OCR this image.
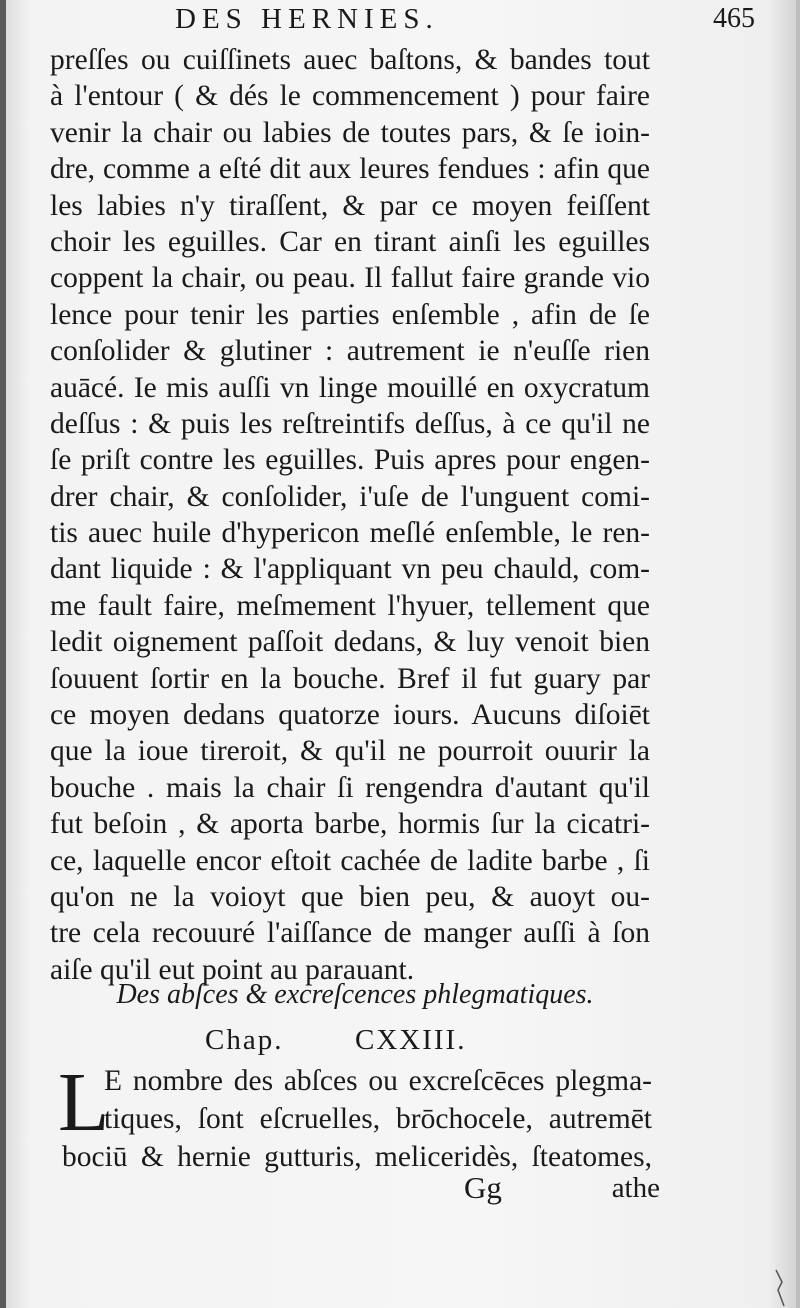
DES HERNIES.	465
preſſes ou cuiſſinets auec baſtons, & bandes tout
à l'entour ( & dés le commencement ) pour faire
venir la chair ou labies de toutes pars, & ſe ioin-
dre, comme a eſté dit aux leures fendues : afin que
les labies n'y tiraſſent, & par ce moyen feiſſent
choir les eguilles. Car en tirant ainſi les eguilles
coppent la chair, ou peau. Il fallut faire grande vio
lence pour tenir les parties enſemble , afin de ſe
conſolider & glutiner : autrement ie n'euſſe rien
auācé. Ie mis auſſi vn linge mouillé en oxycratum
deſſus : & puis les reſtreintifs deſſus, à ce qu'il ne
ſe priſt contre les eguilles. Puis apres pour engen-
drer chair, & conſolider, i'uſe de l'unguent comi-
tis auec huile d'hypericon meſlé enſemble, le ren-
dant liquide : & l'appliquant vn peu chauld, com-
me fault faire, meſmement l'hyuer, tellement que
ledit oignement paſſoit dedans, & luy venoit bien
ſouuent ſortir en la bouche. Bref il fut guary par
ce moyen dedans quatorze iours. Aucuns diſoiēt
que la ioue tireroit, & qu'il ne pourroit ouurir la
bouche . mais la chair ſi rengendra d'autant qu'il
fut beſoin , & aporta barbe, hormis ſur la cicatri-
ce, laquelle encor eſtoit cachée de ladite barbe , ſi
qu'on ne la voioyt que bien peu, & auoyt ou-
tre cela recouuré l'aiſſance de manger auſſi à ſon
aiſe qu'il eut point au parauant.
Des abſces & excreſcences phlegmatiques.
Chap. CXXIII.
L
E nombre des abſces ou excreſcēces plegma-
tiques, ſont eſcruelles, brōchocele, autremēt
bociū & hernie gutturis, meliceridès, ſteatomes,
Gg	athe
